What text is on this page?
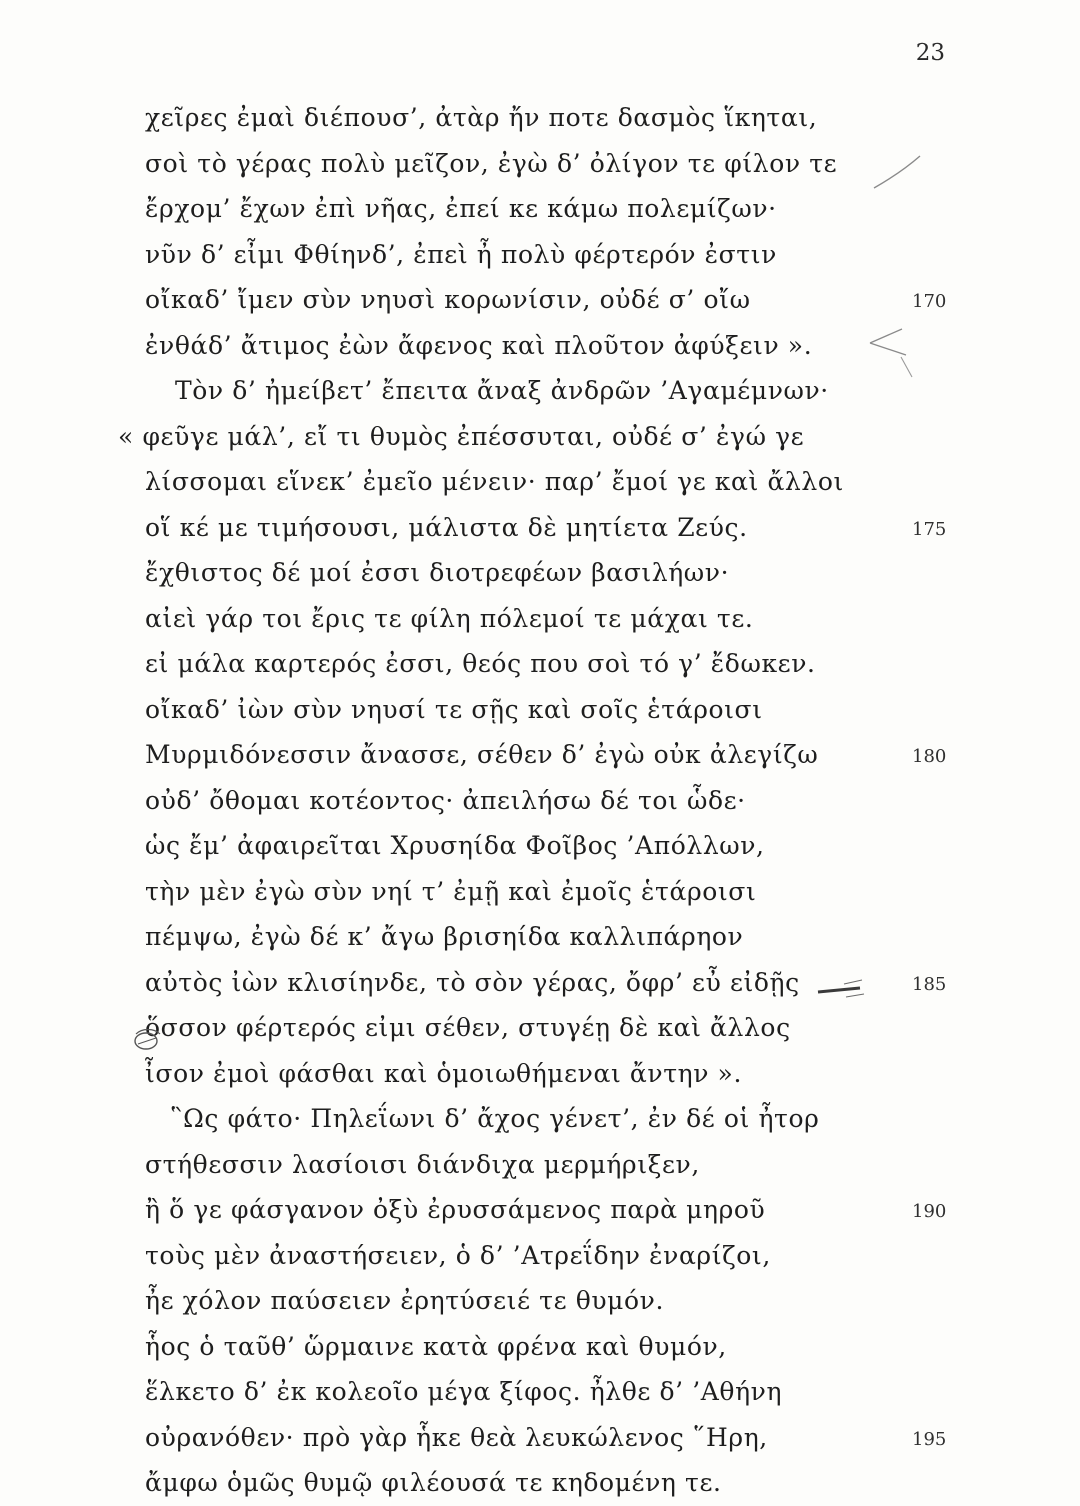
23
χεῖρες ἐμαὶ διέπουσ’, ἀτὰρ ἤν ποτε δασμὸς ἵκηται,
σοὶ τὸ γέρας πολὺ μεῖζον, ἐγὼ δ’ ὀλίγον τε φίλον τε
ἔρχομ’ ἔχων ἐπὶ νῆας, ἐπεί κε κάμω πολεμίζων·
νῦν δ’ εἶμι Φθίηνδ’, ἐπεὶ ἦ πολὺ φέρτερόν ἐστιν
οἴκαδ’ ἴμεν σὺν νηυσὶ κορωνίσιν, οὐδέ σ’ οἴω	170
ἐνθάδ’ ἄτιμος ἐὼν ἄφενος καὶ πλοῦτον ἀφύξειν ».
Τὸν δ’ ἠμείβετ’ ἔπειτα ἄναξ ἀνδρῶν ’Αγαμέμνων·
« φεῦγε μάλ’, εἴ τι θυμὸς ἐπέσσυται, οὐδέ σ’ ἐγώ γε
λίσσομαι εἵνεκ’ ἐμεῖο μένειν· παρ’ ἔμοί γε καὶ ἄλλοι
οἵ κέ με τιμήσουσι, μάλιστα δὲ μητίετα Ζεύς.	175
ἔχθιστος δέ μοί ἐσσι διοτρεφέων βασιλήων·
αἰεὶ γάρ τοι ἔρις τε φίλη πόλεμοί τε μάχαι τε.
εἰ μάλα καρτερός ἐσσι, θεός που σοὶ τό γ’ ἔδωκεν.
οἴκαδ’ ἰὼν σὺν νηυσί τε σῇς καὶ σοῖς ἑτάροισι
Μυρμιδόνεσσιν ἄνασσε, σέθεν δ’ ἐγὼ οὐκ ἀλεγίζω	180
οὐδ’ ὄθομαι κοτέοντος· ἀπειλήσω δέ τοι ὧδε·
ὡς ἔμ’ ἀφαιρεῖται Χρυσηίδα Φοῖβος ’Απόλλων,
τὴν μὲν ἐγὼ σὺν νηί τ’ ἐμῇ καὶ ἐμοῖς ἑτάροισι
πέμψω, ἐγὼ δέ κ’ ἄγω βρισηίδα καλλιπάρηον
αὐτὸς ἰὼν κλισίηνδε, τὸ σὸν γέρας, ὄφρ’ εὖ εἰδῇς	185
ὅσσον φέρτερός εἰμι σέθεν, στυγέῃ δὲ καὶ ἄλλος
ἶσον ἐμοὶ φάσθαι καὶ ὁμοιωθήμεναι ἄντην ».
῝Ως φάτο· Πηλεΐωνι δ’ ἄχος γένετ’, ἐν δέ οἱ ἦτορ
στήθεσσιν λασίοισι διάνδιχα μερμήριξεν,
ἢ ὅ γε φάσγανον ὀξὺ ἐρυσσάμενος παρὰ μηροῦ	190
τοὺς μὲν ἀναστήσειεν, ὁ δ’ ’Ατρεΐδην ἐναρίζοι,
ἦε χόλον παύσειεν ἐρητύσειέ τε θυμόν.
ἧος ὁ ταῦθ’ ὥρμαινε κατὰ φρένα καὶ θυμόν,
ἕλκετο δ’ ἐκ κολεοῖο μέγα ξίφος. ἦλθε δ’ ’Αθήνη
οὐρανόθεν· πρὸ γὰρ ἧκε θεὰ λευκώλενος ῞Ηρη,	195
ἄμφω ὁμῶς θυμῷ φιλέουσά τε κηδομένη τε.
